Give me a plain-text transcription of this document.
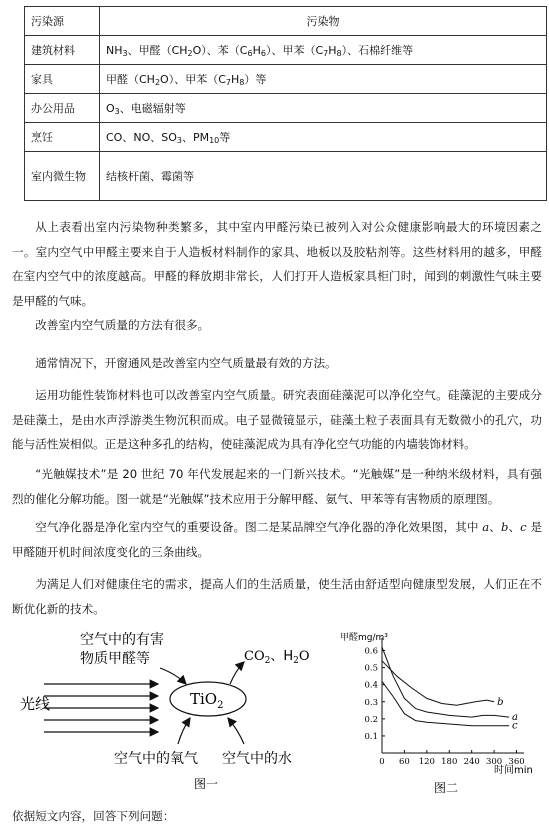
污染源	污染物
建筑材料	$NH_3$、甲醛$(CH_2O)$、苯$(C_6H_6)$、甲苯$(C_7H_8)$、石棉纤维等
家具	甲醛$(CH_2O)$、甲苯$(C_7H_8)$等
办公用品	$O_3$、电磁辐射等
烹饪	CO、NO、$SO_3$、$PM_{10}$等
室内微生物	结核杆菌、霉菌等

从上表看出室内污染物种类繁多，其中室内甲醛污染已被列入对公众健康影响最大的环境因素之一。室内空气中甲醛主要来自于人造板材料制作的家具、地板以及胶粘剂等。这些材料用的越多，甲醛在室内空气中的浓度越高。甲醛的释放期非常长，人们打开人造板家具柜门时，闻到的刺激性气味主要是甲醛的气味。

改善室内空气质量的方法有很多。

通常情况下，开窗通风是改善室内空气质量最有效的方法。

运用功能性装饰材料也可以改善室内空气质量。研究表面硅藻泥可以净化空气。硅藻泥的主要成分是硅藻土，是由水声浮游类生物沉积而成。电子显微镜显示，硅藻土粒子表面具有无数微小的孔穴，功能与活性炭相似。正是这种多孔的结构，使硅藻泥成为具有净化空气功能的内墙装饰材料。

“光触媒技术”是 20 世纪 70 年代发展起来的一门新兴技术。“光触媒”是一种纳米级材料，具有强烈的催化分解功能。图一就是“光触媒”技术应用于分解甲醛、氨气、甲苯等有害物质的原理图。

空气净化器是净化室内空气的重要设备。图二是某品牌空气净化器的净化效果图，其中 a、b、c 是甲醛随开机时间浓度变化的三条曲线。

为满足人们对健康住宅的需求，提高人们的生活质量，使生活由舒适型向健康型发展，人们正在不断优化新的技术。

光线
空气中的有害
物质甲醛等
TiO$_2$
$CO_2$、$H_2O$
空气中的氧气 空气中的水
图一
甲醛mg/m³
时间min
图二
0 60 120 180 240 300 360
0.1
0.2
0.3
0.4
0.5
0.6
a
b
c

依据短文内容，回答下列问题：
